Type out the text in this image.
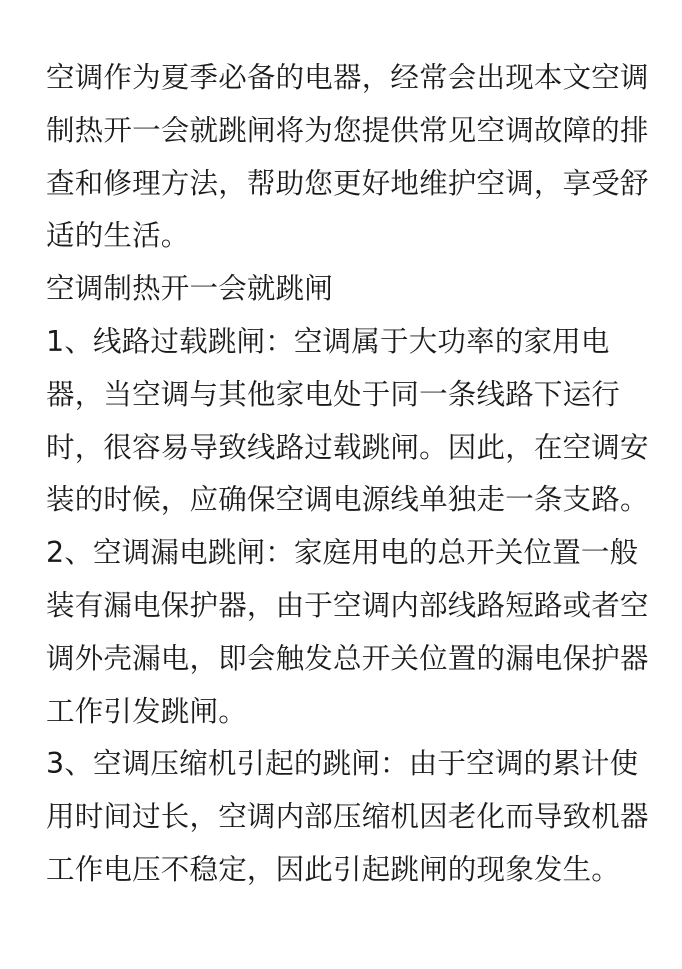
空调作为夏季必备的电器，经常会出现本文空调制热开一会就跳闸将为您提供常见空调故障的排查和修理方法，帮助您更好地维护空调，享受舒适的生活。

空调制热开一会就跳闸

1、线路过载跳闸：空调属于大功率的家用电器，当空调与其他家电处于同一条线路下运行时，很容易导致线路过载跳闸。因此，在空调安装的时候，应确保空调电源线单独走一条支路。

2、空调漏电跳闸：家庭用电的总开关位置一般装有漏电保护器，由于空调内部线路短路或者空调外壳漏电，即会触发总开关位置的漏电保护器工作引发跳闸。

3、空调压缩机引起的跳闸：由于空调的累计使用时间过长，空调内部压缩机因老化而导致机器工作电压不稳定，因此引起跳闸的现象发生。
